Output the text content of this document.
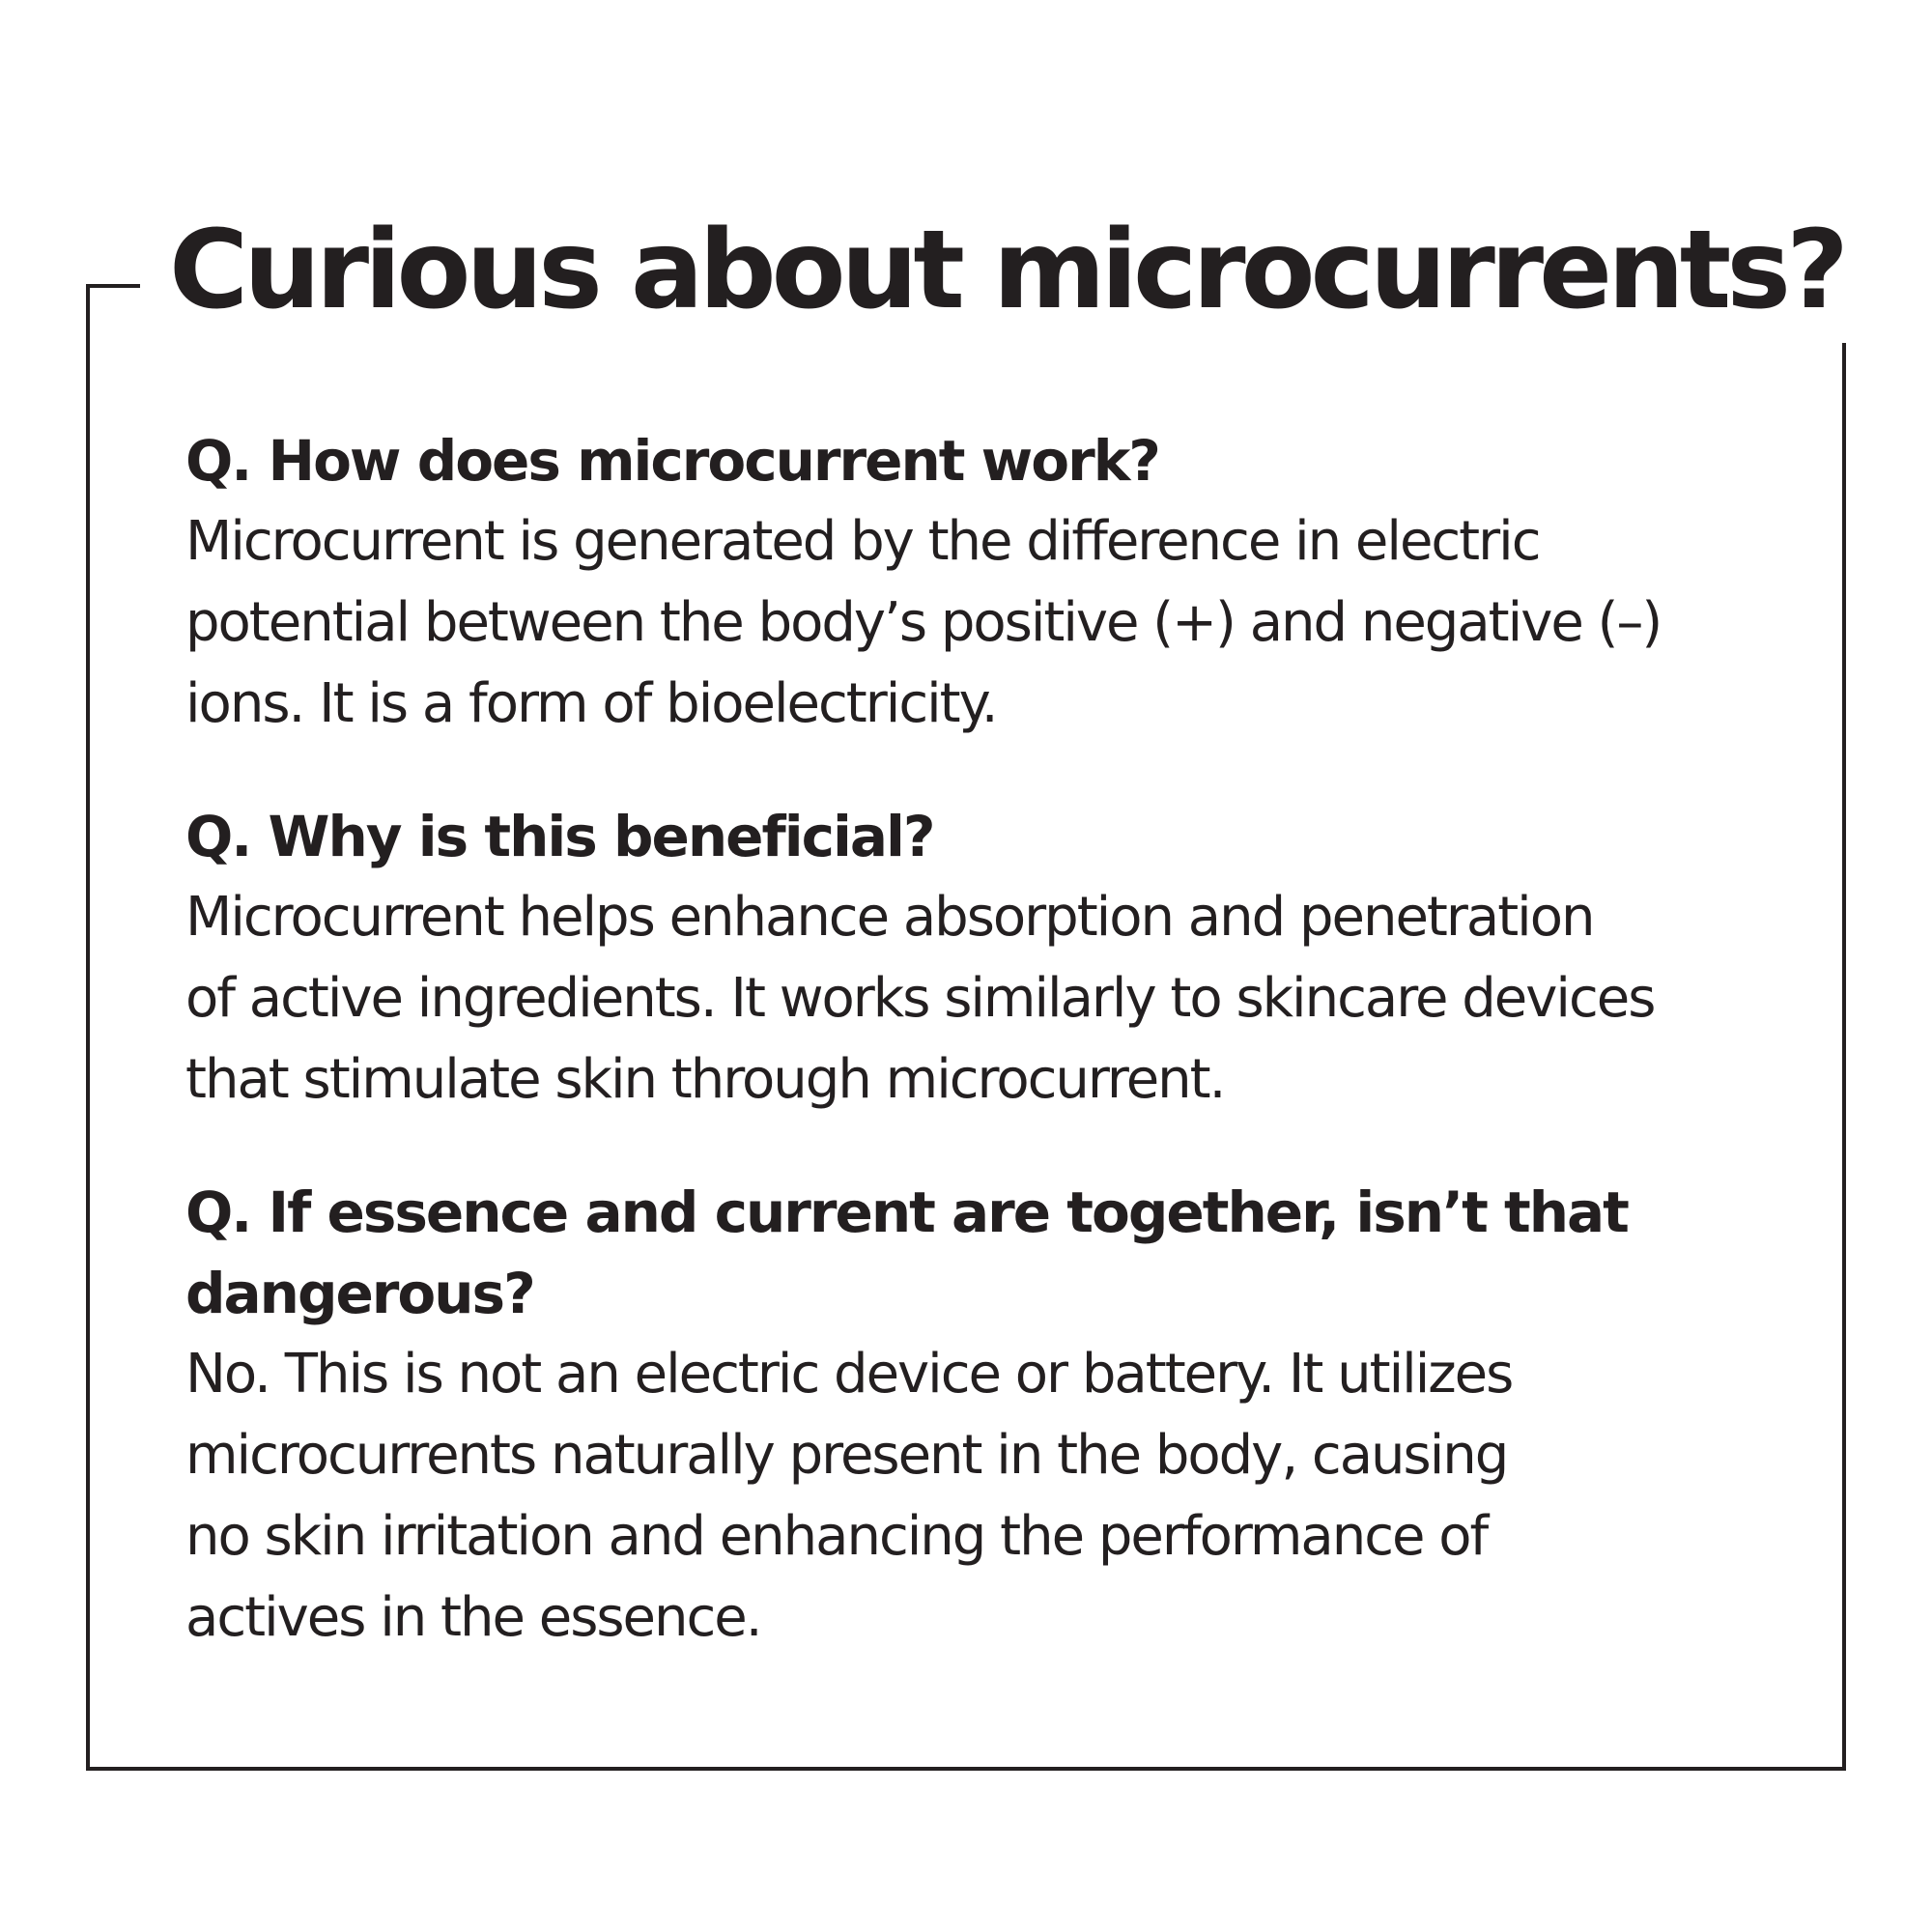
Curious about microcurrents?

Q. How does microcurrent work?

Microcurrent is generated by the difference in electric
potential between the body’s positive (+) and negative (–)
ions. It is a form of bioelectricity.

Q. Why is this beneficial?

Microcurrent helps enhance absorption and penetration
of active ingredients. It works similarly to skincare devices
that stimulate skin through microcurrent.

Q. If essence and current are together, isn’t that
dangerous?

No. This is not an electric device or battery. It utilizes
microcurrents naturally present in the body, causing
no skin irritation and enhancing the performance of
actives in the essence.
